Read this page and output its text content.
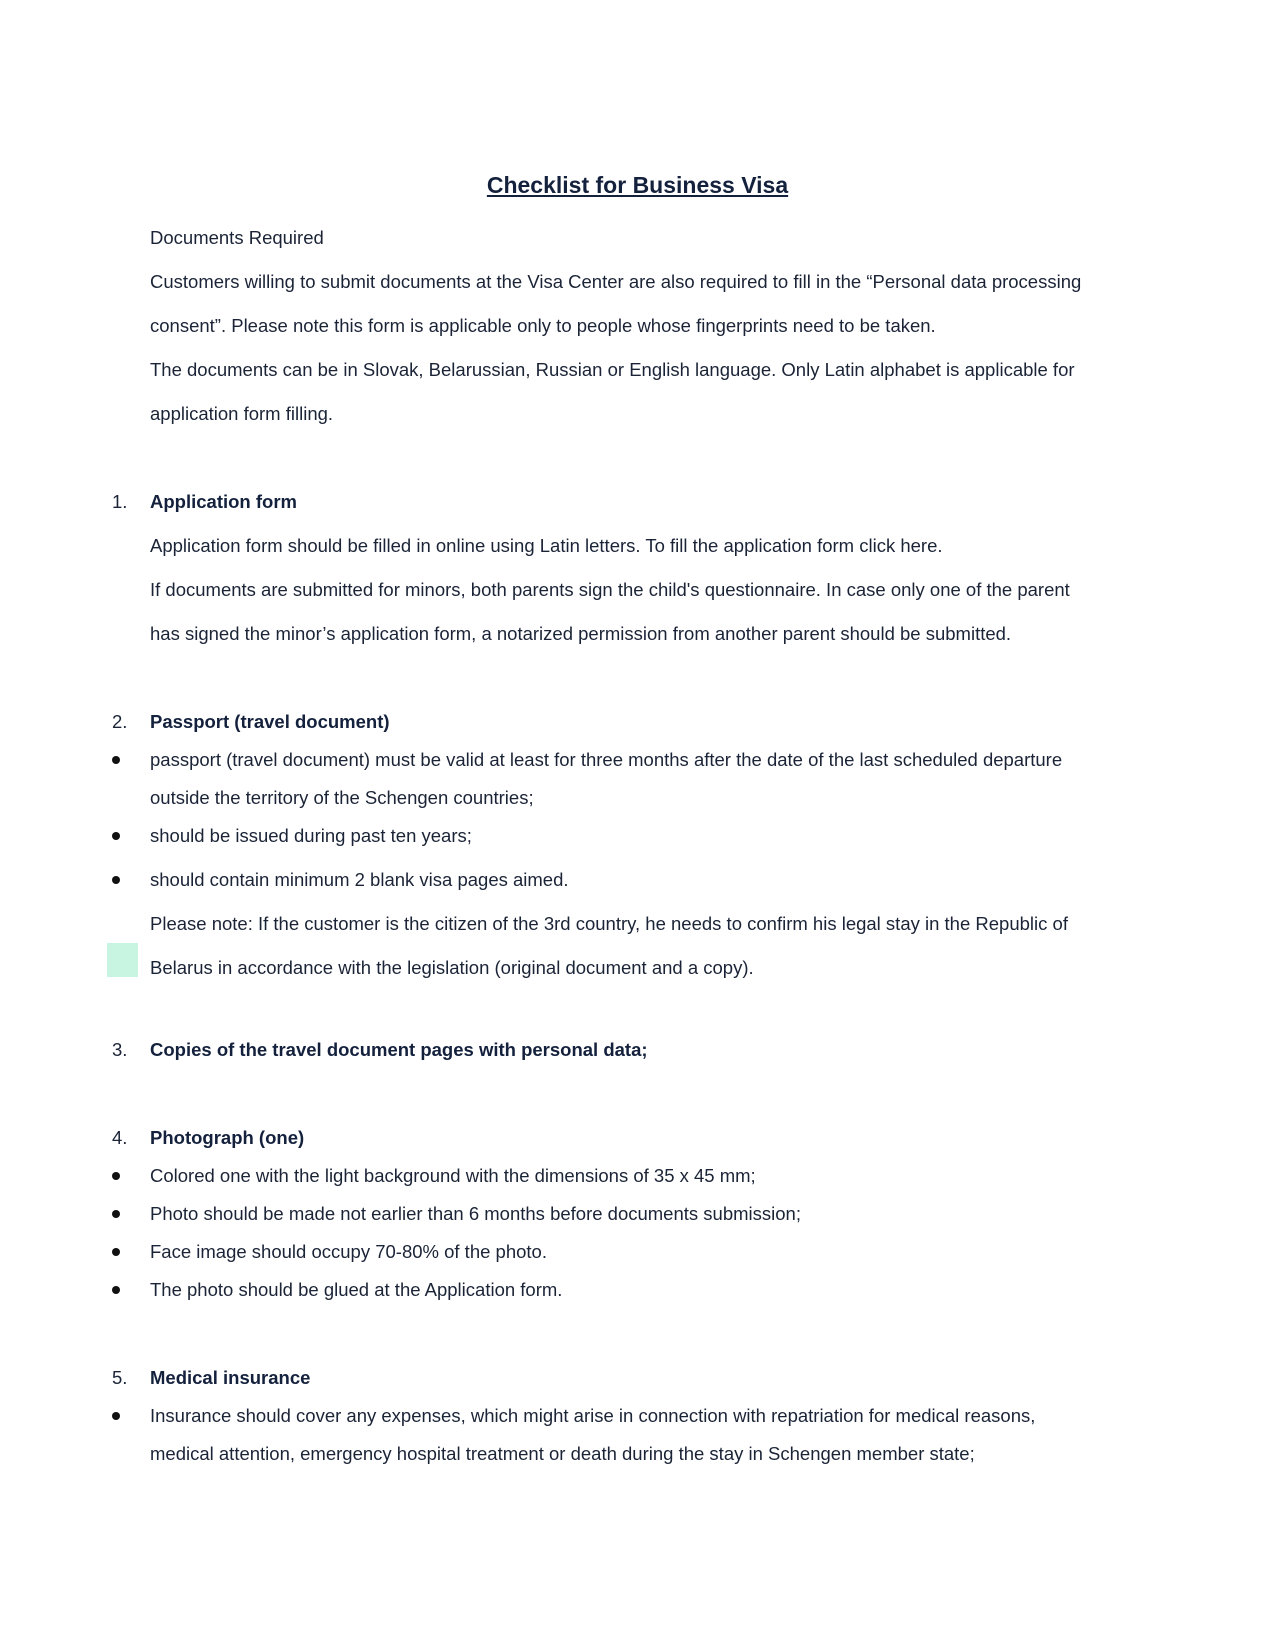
Checklist for Business Visa
Documents Required
Customers willing to submit documents at the Visa Center are also required to fill in the “Personal data processing
consent”. Please note this form is applicable only to people whose fingerprints need to be taken.
The documents can be in Slovak, Belarussian, Russian or English language. Only Latin alphabet is applicable for
application form filling.
1. Application form
Application form should be filled in online using Latin letters. To fill the application form click here.
If documents are submitted for minors, both parents sign the child's questionnaire. In case only one of the parent
has signed the minor’s application form, a notarized permission from another parent should be submitted.
2. Passport (travel document)
passport (travel document) must be valid at least for three months after the date of the last scheduled departure
outside the territory of the Schengen countries;
should be issued during past ten years;
should contain minimum 2 blank visa pages aimed.
Please note: If the customer is the citizen of the 3rd country, he needs to confirm his legal stay in the Republic of
Belarus in accordance with the legislation (original document and a copy).
3. Copies of the travel document pages with personal data;
4. Photograph (one)
Colored one with the light background with the dimensions of 35 x 45 mm;
Photo should be made not earlier than 6 months before documents submission;
Face image should occupy 70-80% of the photo.
The photo should be glued at the Application form.
5. Medical insurance
Insurance should cover any expenses, which might arise in connection with repatriation for medical reasons,
medical attention, emergency hospital treatment or death during the stay in Schengen member state;
